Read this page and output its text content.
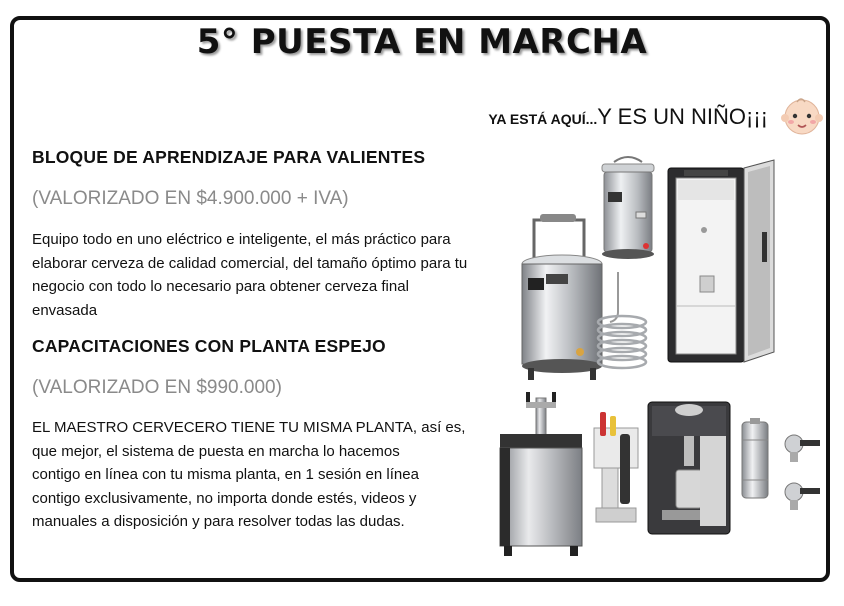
5° PUESTA EN MARCHA
YA ESTÁ AQUÍ...Y ES UN NIÑO¡¡¡
BLOQUE DE APRENDIZAJE PARA VALIENTES
(VALORIZADO EN $4.900.000 + IVA)
Equipo todo en uno eléctrico e inteligente, el más práctico para
elaborar cerveza de calidad comercial, del tamaño óptimo para tu
negocio con todo lo necesario para obtener cerveza final
envasada
CAPACITACIONES CON PLANTA ESPEJO
(VALORIZADO EN $990.000)
EL MAESTRO CERVECERO TIENE TU MISMA PLANTA, así es,
que mejor, el sistema de puesta en marcha lo hacemos
contigo en línea con tu misma planta, en 1 sesión en línea
contigo exclusivamente, no importa donde estés, videos y
manuales a disposición y para resolver todas las dudas.
